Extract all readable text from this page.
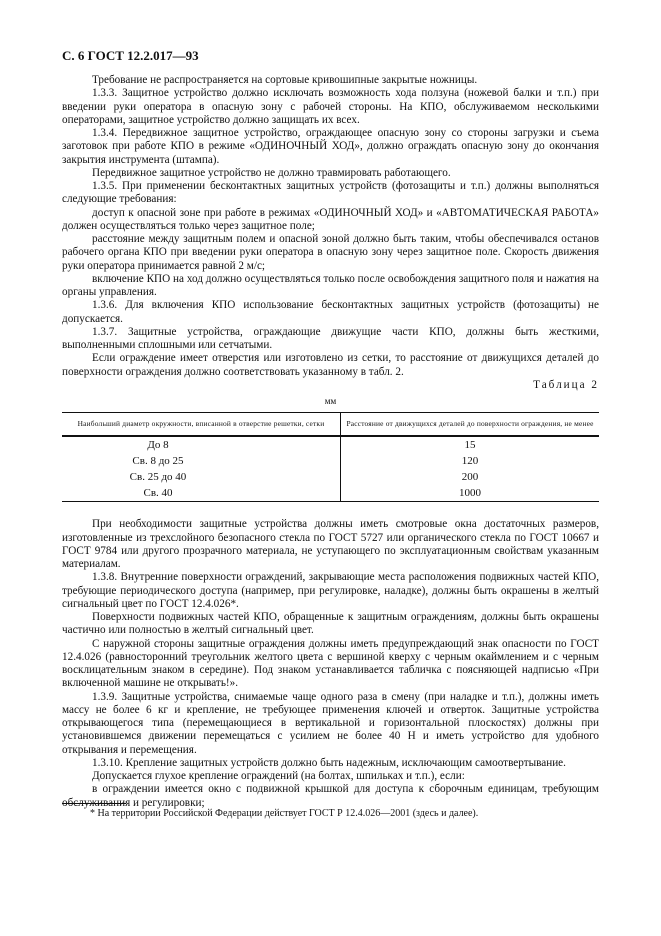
С. 6 ГОСТ 12.2.017—93

Требование не распространяется на сортовые кривошипные закрытые ножницы.

1.3.3. Защитное устройство должно исключать возможность хода ползуна (ножевой балки и т.п.) при введении руки оператора в опасную зону с рабочей стороны. На КПО, обслуживаемом несколькими операторами, защитное устройство должно защищать их всех.

1.3.4. Передвижное защитное устройство, ограждающее опасную зону со стороны загрузки и съема заготовок при работе КПО в режиме «ОДИНОЧНЫЙ ХОД», должно ограждать опасную зону до окончания закрытия инструмента (штампа).

Передвижное защитное устройство не должно травмировать работающего.

1.3.5. При применении бесконтактных защитных устройств (фотозащиты и т.п.) должны выполняться следующие требования:

доступ к опасной зоне при работе в режимах «ОДИНОЧНЫЙ ХОД» и «АВТОМАТИЧЕСКАЯ РАБОТА» должен осуществляться только через защитное поле;

расстояние между защитным полем и опасной зоной должно быть таким, чтобы обеспечивался останов рабочего органа КПО при введении руки оператора в опасную зону через защитное поле. Скорость движения руки оператора принимается равной 2 м/с;

включение КПО на ход должно осуществляться только после освобождения защитного поля и нажатия на органы управления.

1.3.6. Для включения КПО использование бесконтактных защитных устройств (фотозащиты) не допускается.

1.3.7. Защитные устройства, ограждающие движущие части КПО, должны быть жесткими, выполненными сплошными или сетчатыми.

Если ограждение имеет отверстия или изготовлено из сетки, то расстояние от движущихся деталей до поверхности ограждения должно соответствовать указанному в табл. 2.

Таблица 2
мм
Наибольший диаметр окружности, вписанной в отверстие решетки, сетки	Расстояние от движущихся деталей до поверхности ограждения, не менее
До 8	15
Св. 8 до 25	120
Св. 25 до 40	200
Св. 40	1000

При необходимости защитные устройства должны иметь смотровые окна достаточных размеров, изготовленные из трехслойного безопасного стекла по ГОСТ 5727 или органического стекла по ГОСТ 10667 и ГОСТ 9784 или другого прозрачного материала, не уступающего по эксплуатационным свойствам указанным материалам.

1.3.8. Внутренние поверхности ограждений, закрывающие места расположения подвижных частей КПО, требующие периодического доступа (например, при регулировке, наладке), должны быть окрашены в желтый сигнальный цвет по ГОСТ 12.4.026*.

Поверхности подвижных частей КПО, обращенные к защитным ограждениям, должны быть окрашены частично или полностью в желтый сигнальный цвет.

С наружной стороны защитные ограждения должны иметь предупреждающий знак опасности по ГОСТ 12.4.026 (равносторонний треугольник желтого цвета с вершиной кверху с черным окаймлением и с черным восклицательным знаком в середине). Под знаком устанавливается табличка с поясняющей надписью «При включенной машине не открывать!».

1.3.9. Защитные устройства, снимаемые чаще одного раза в смену (при наладке и т.п.), должны иметь массу не более 6 кг и крепление, не требующее применения ключей и отверток. Защитные устройства открывающегося типа (перемещающиеся в вертикальной и горизонтальной плоскостях) должны при установившемся движении перемещаться с усилием не более 40 Н и иметь устройство для удобного открывания и перемещения.

1.3.10. Крепление защитных устройств должно быть надежным, исключающим самоотвертывание.

Допускается глухое крепление ограждений (на болтах, шпильках и т.п.), если:

в ограждении имеется окно с подвижной крышкой для доступа к сборочным единицам, требующим обслуживания и регулировки;

* На территории Российской Федерации действует ГОСТ Р 12.4.026—2001 (здесь и далее).
